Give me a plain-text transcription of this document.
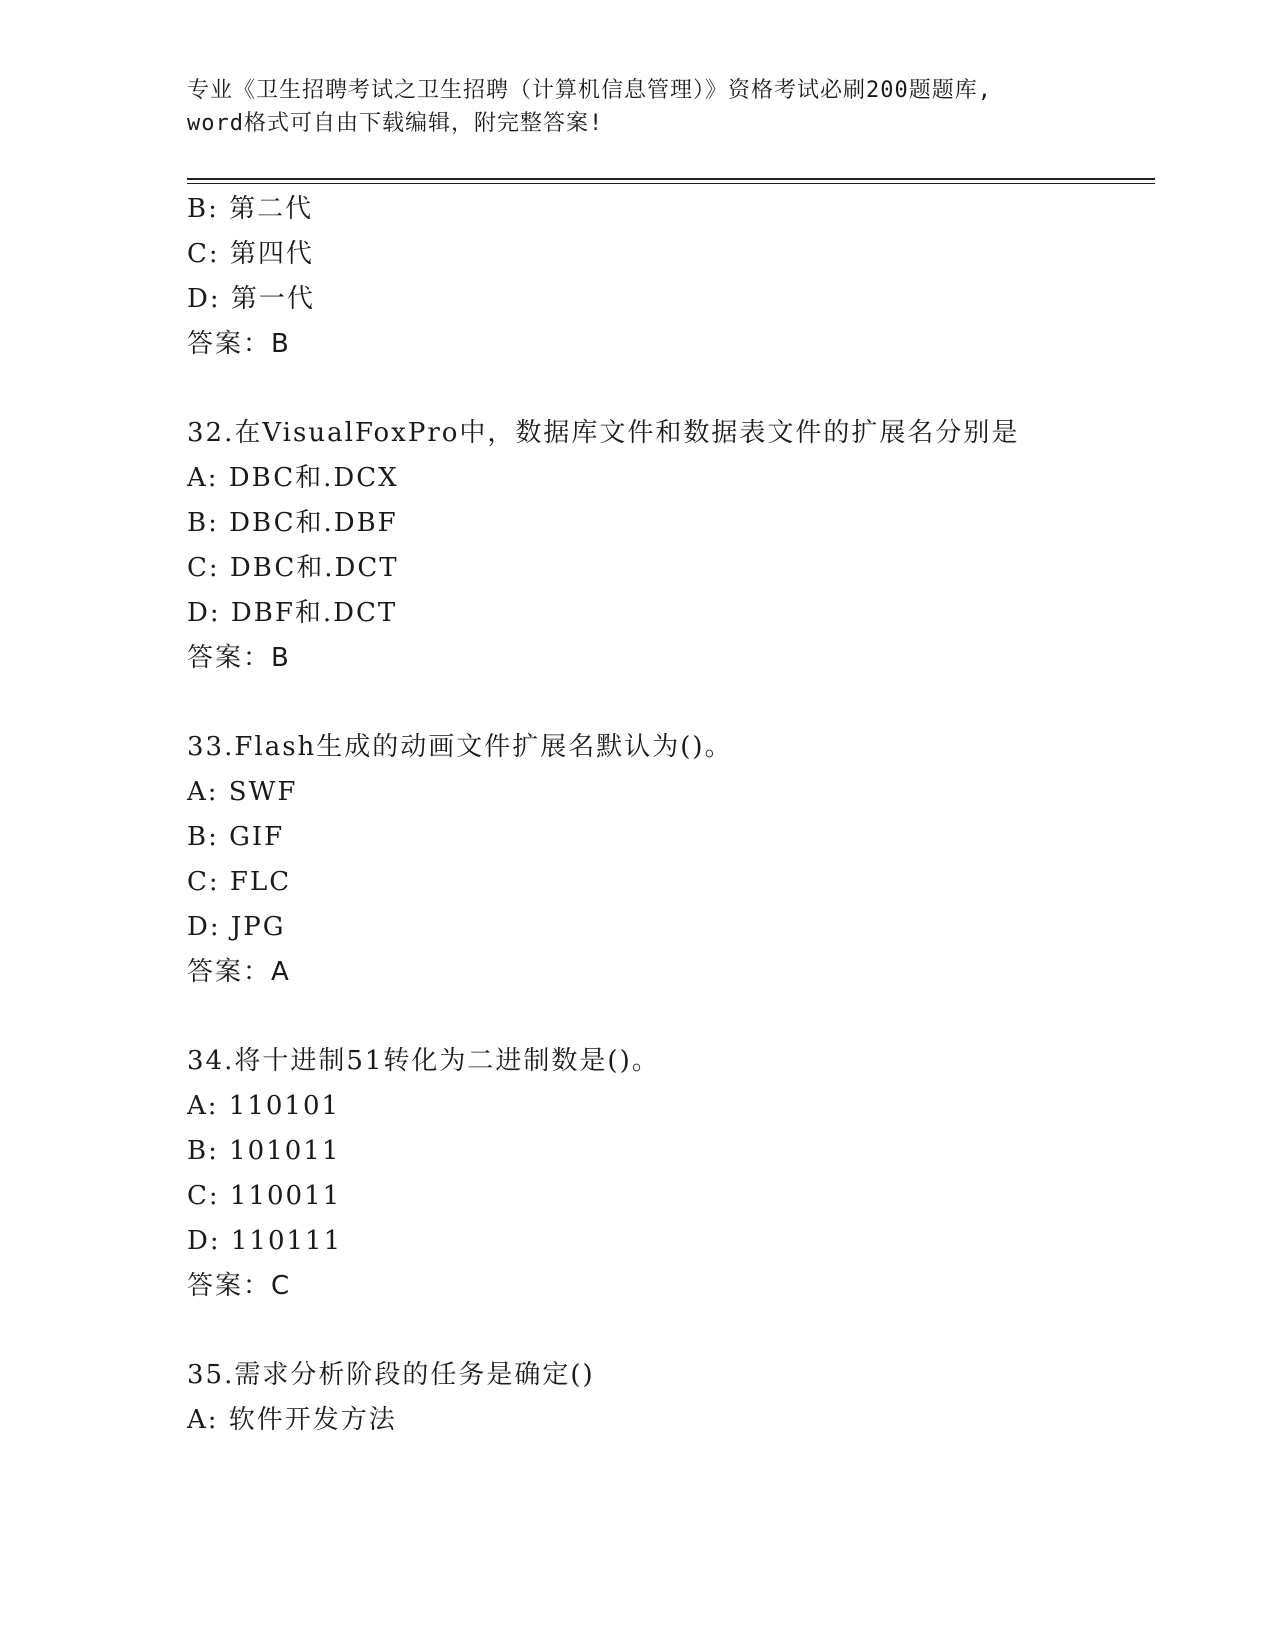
专业《卫生招聘考试之卫生招聘（计算机信息管理）》资格考试必刷200题题库,
word格式可自由下载编辑，附完整答案!
B: 第二代
C: 第四代
D: 第一代
答案：B
32.在VisualFoxPro中，数据库文件和数据表文件的扩展名分别是
A: DBC和.DCX
B: DBC和.DBF
C: DBC和.DCT
D: DBF和.DCT
答案：B
33.Flash生成的动画文件扩展名默认为()。
A: SWF
B: GIF
C: FLC
D: JPG
答案：A
34.将十进制51转化为二进制数是()。
A: 110101
B: 101011
C: 110011
D: 110111
答案：C
35.需求分析阶段的任务是确定()
A: 软件开发方法
